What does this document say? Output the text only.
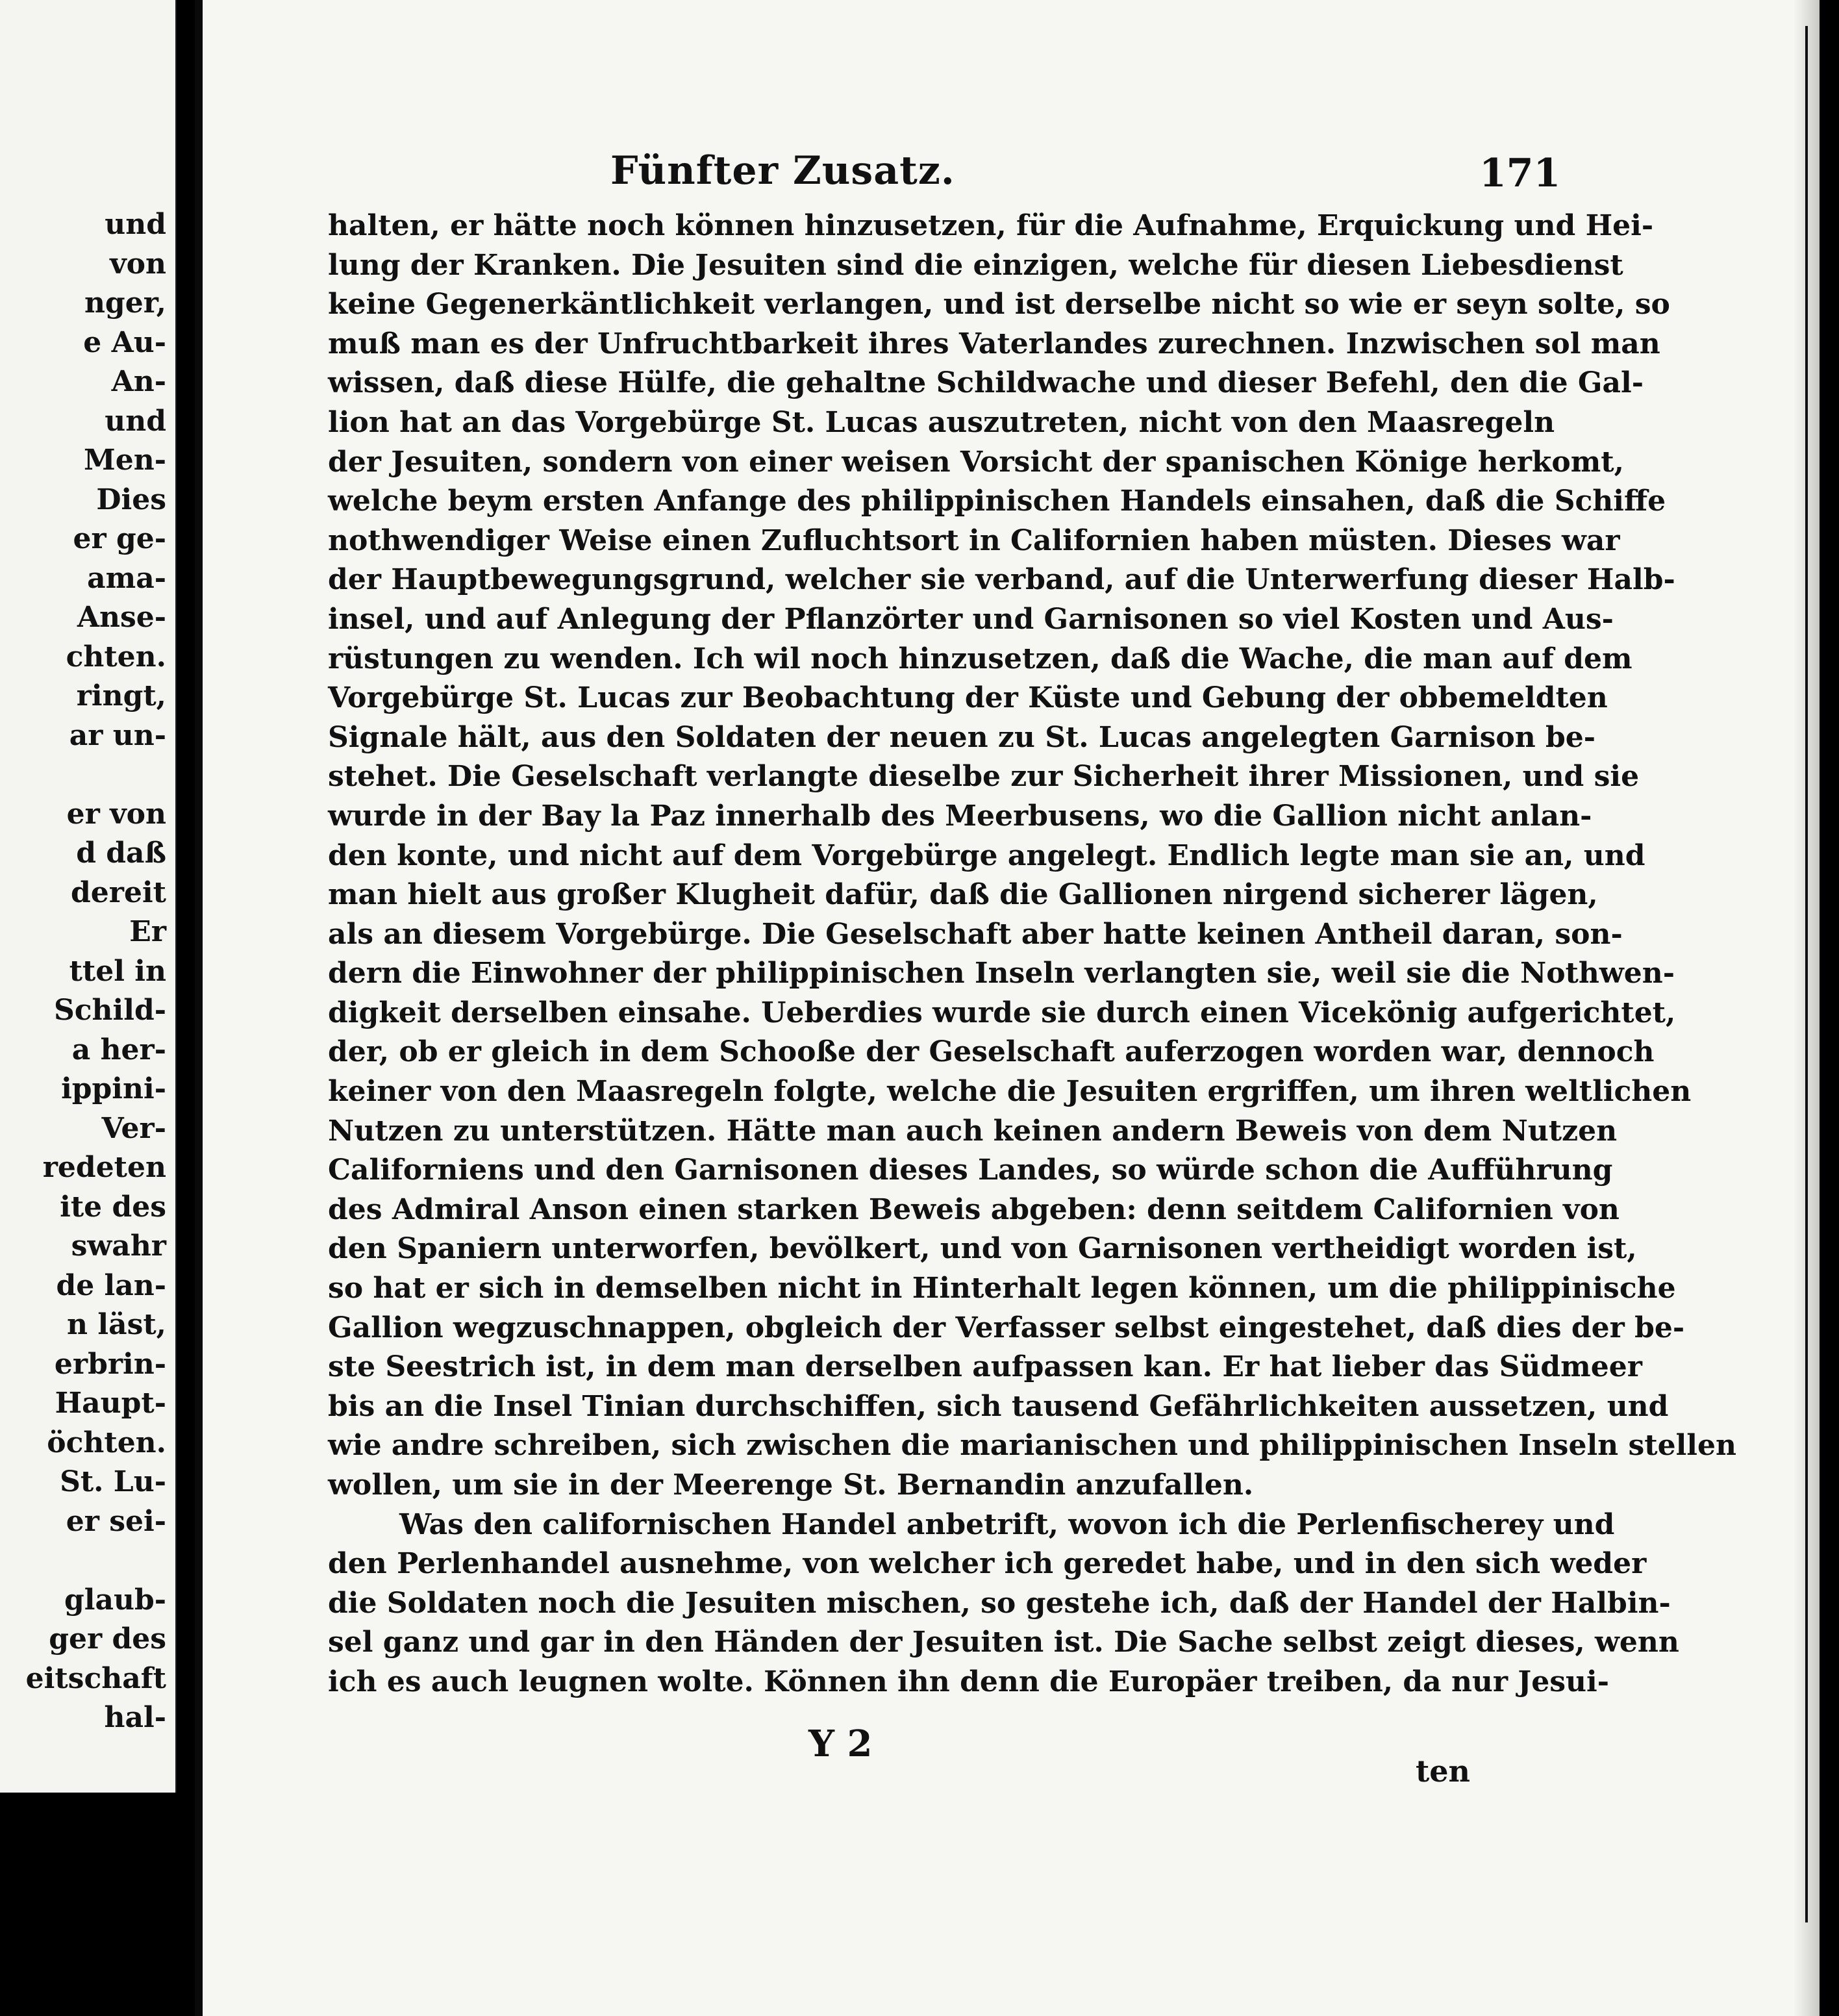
und
von
nger,
e Au-
An-
und
Men-
Dies
er ge-
ama-
Anse-
chten.
ringt,
ar un-
er von
d daß
dereit
Er
ttel in
Schild-
a her-
ippini-
Ver-
redeten
ite des
swahr
de lan-
n läst,
erbrin-
Haupt-
öchten.
St. Lu-
er sei-
glaub-
ger des
eitschaft
hal-
Fünfter Zusatz.	171
halten, er hätte noch können hinzusetzen, für die Aufnahme, Erquickung und Hei-
lung der Kranken. Die Jesuiten sind die einzigen, welche für diesen Liebesdienst
keine Gegenerkäntlichkeit verlangen, und ist derselbe nicht so wie er seyn solte, so
muß man es der Unfruchtbarkeit ihres Vaterlandes zurechnen. Inzwischen sol man
wissen, daß diese Hülfe, die gehaltne Schildwache und dieser Befehl, den die Gal-
lion hat an das Vorgebürge St. Lucas auszutreten, nicht von den Maasregeln
der Jesuiten, sondern von einer weisen Vorsicht der spanischen Könige herkomt,
welche beym ersten Anfange des philippinischen Handels einsahen, daß die Schiffe
nothwendiger Weise einen Zufluchtsort in Californien haben müsten. Dieses war
der Hauptbewegungsgrund, welcher sie verband, auf die Unterwerfung dieser Halb-
insel, und auf Anlegung der Pflanzörter und Garnisonen so viel Kosten und Aus-
rüstungen zu wenden. Ich wil noch hinzusetzen, daß die Wache, die man auf dem
Vorgebürge St. Lucas zur Beobachtung der Küste und Gebung der obbemeldten
Signale hält, aus den Soldaten der neuen zu St. Lucas angelegten Garnison be-
stehet. Die Geselschaft verlangte dieselbe zur Sicherheit ihrer Missionen, und sie
wurde in der Bay la Paz innerhalb des Meerbusens, wo die Gallion nicht anlan-
den konte, und nicht auf dem Vorgebürge angelegt. Endlich legte man sie an, und
man hielt aus großer Klugheit dafür, daß die Gallionen nirgend sicherer lägen,
als an diesem Vorgebürge. Die Geselschaft aber hatte keinen Antheil daran, son-
dern die Einwohner der philippinischen Inseln verlangten sie, weil sie die Nothwen-
digkeit derselben einsahe. Ueberdies wurde sie durch einen Vicekönig aufgerichtet,
der, ob er gleich in dem Schooße der Geselschaft auferzogen worden war, dennoch
keiner von den Maasregeln folgte, welche die Jesuiten ergriffen, um ihren weltlichen
Nutzen zu unterstützen. Hätte man auch keinen andern Beweis von dem Nutzen
Californiens und den Garnisonen dieses Landes, so würde schon die Aufführung
des Admiral Anson einen starken Beweis abgeben: denn seitdem Californien von
den Spaniern unterworfen, bevölkert, und von Garnisonen vertheidigt worden ist,
so hat er sich in demselben nicht in Hinterhalt legen können, um die philippinische
Gallion wegzuschnappen, obgleich der Verfasser selbst eingestehet, daß dies der be-
ste Seestrich ist, in dem man derselben aufpassen kan. Er hat lieber das Südmeer
bis an die Insel Tinian durchschiffen, sich tausend Gefährlichkeiten aussetzen, und
wie andre schreiben, sich zwischen die marianischen und philippinischen Inseln stellen
wollen, um sie in der Meerenge St. Bernandin anzufallen.
Was den californischen Handel anbetrift, wovon ich die Perlenfischerey und
den Perlenhandel ausnehme, von welcher ich geredet habe, und in den sich weder
die Soldaten noch die Jesuiten mischen, so gestehe ich, daß der Handel der Halbin-
sel ganz und gar in den Händen der Jesuiten ist. Die Sache selbst zeigt dieses, wenn
ich es auch leugnen wolte. Können ihn denn die Europäer treiben, da nur Jesui-
Y 2
ten
